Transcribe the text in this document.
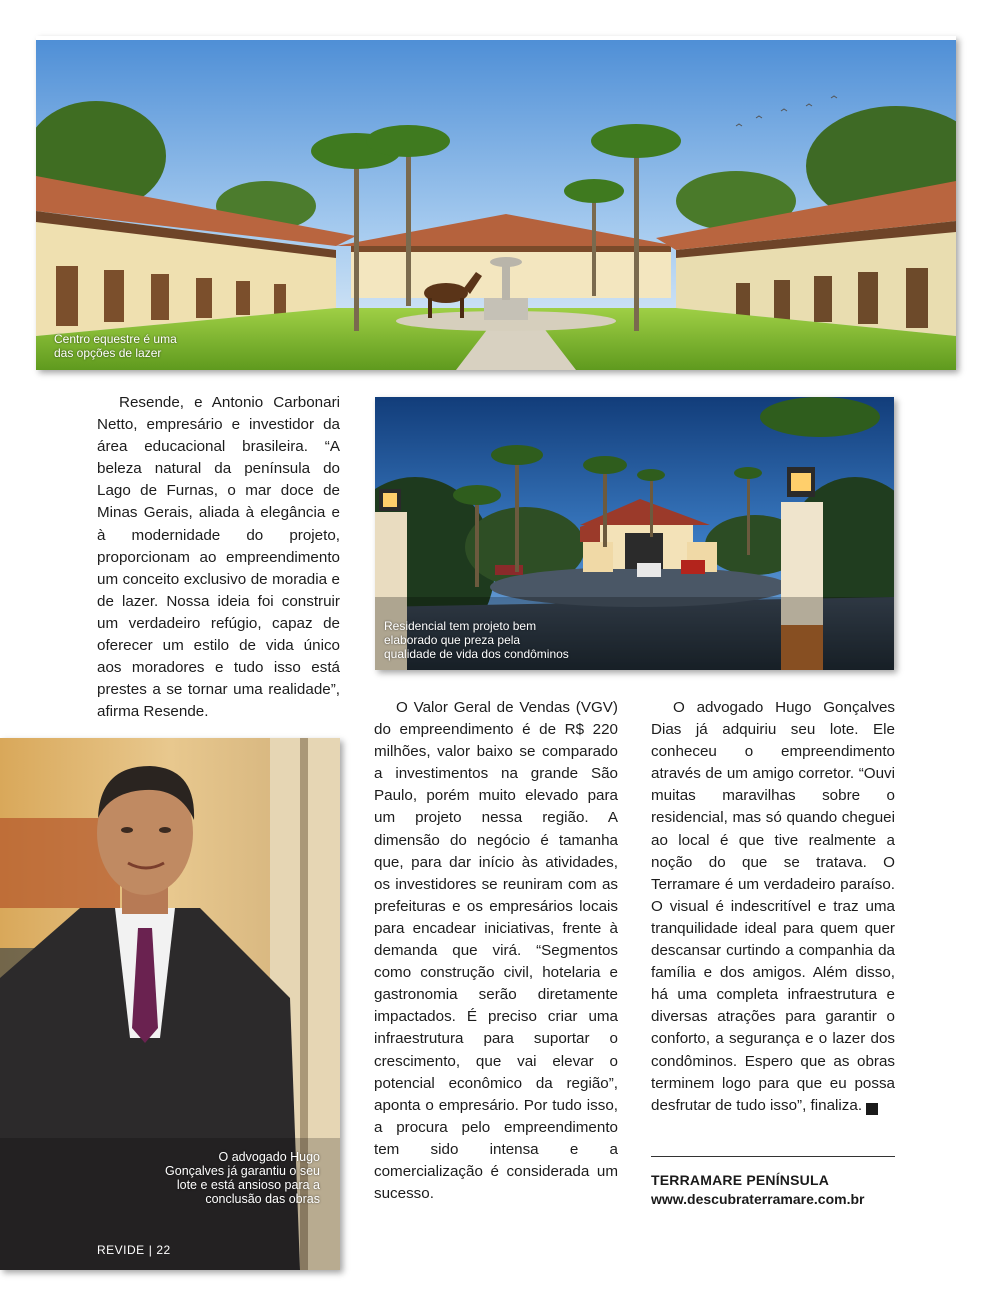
Centro equestre é uma
das opções de lazer
Residencial tem projeto bem
elaborado que preza pela
qualidade de vida dos condôminos
O advogado Hugo
Gonçalves já garantiu o seu
lote e está ansioso para a
conclusão das obras
REVIDE | 22

Resende, e Antonio Carbonari Netto, empresário e investidor da área educacional brasileira. “A beleza natural da península do Lago de Furnas, o mar doce de Minas Gerais, aliada à elegância e à modernidade do projeto, proporcionam ao empreendimento um conceito exclusivo de moradia e de lazer. Nossa ideia foi construir um verdadeiro refúgio, capaz de oferecer um estilo de vida único aos moradores e tudo isso está prestes a se tornar uma realidade”, afirma Resende.	O Valor Geral de Vendas (VGV) do empreendimento é de R$ 220 milhões, valor baixo se comparado a investimentos na grande São Paulo, porém muito elevado para um projeto nessa região. A dimensão do negócio é tamanha que, para dar início às atividades, os investidores se reuniram com as prefeituras e os empresários locais para encadear iniciativas, frente à demanda que virá. “Segmentos como construção civil, hotelaria e gastronomia serão diretamente impactados. É preciso criar uma infraestrutura para suportar o crescimento, que vai elevar o potencial econômico da região”, aponta o empresário. Por tudo isso, a procura pelo empreendimento tem sido intensa e a comercialização é considerada um sucesso.

O advogado Hugo Gonçalves Dias já adquiriu seu lote. Ele conheceu o empreendimento através de um amigo corretor. “Ouvi muitas maravilhas sobre o residencial, mas só quando cheguei ao local é que tive realmente a noção do que se tratava. O Terramare é um verdadeiro paraíso. O visual é indescritível e traz uma tranquilidade ideal para quem quer descansar curtindo a companhia da família e dos amigos. Além disso, há uma completa infraestrutura e diversas atrações para garantir o conforto, a segurança e o lazer dos condôminos. Espero que as obras terminem logo para que eu possa desfrutar de tudo isso”, finaliza.	r

TERRAMARE PENÍNSULA
www.descubraterramare.com.br
